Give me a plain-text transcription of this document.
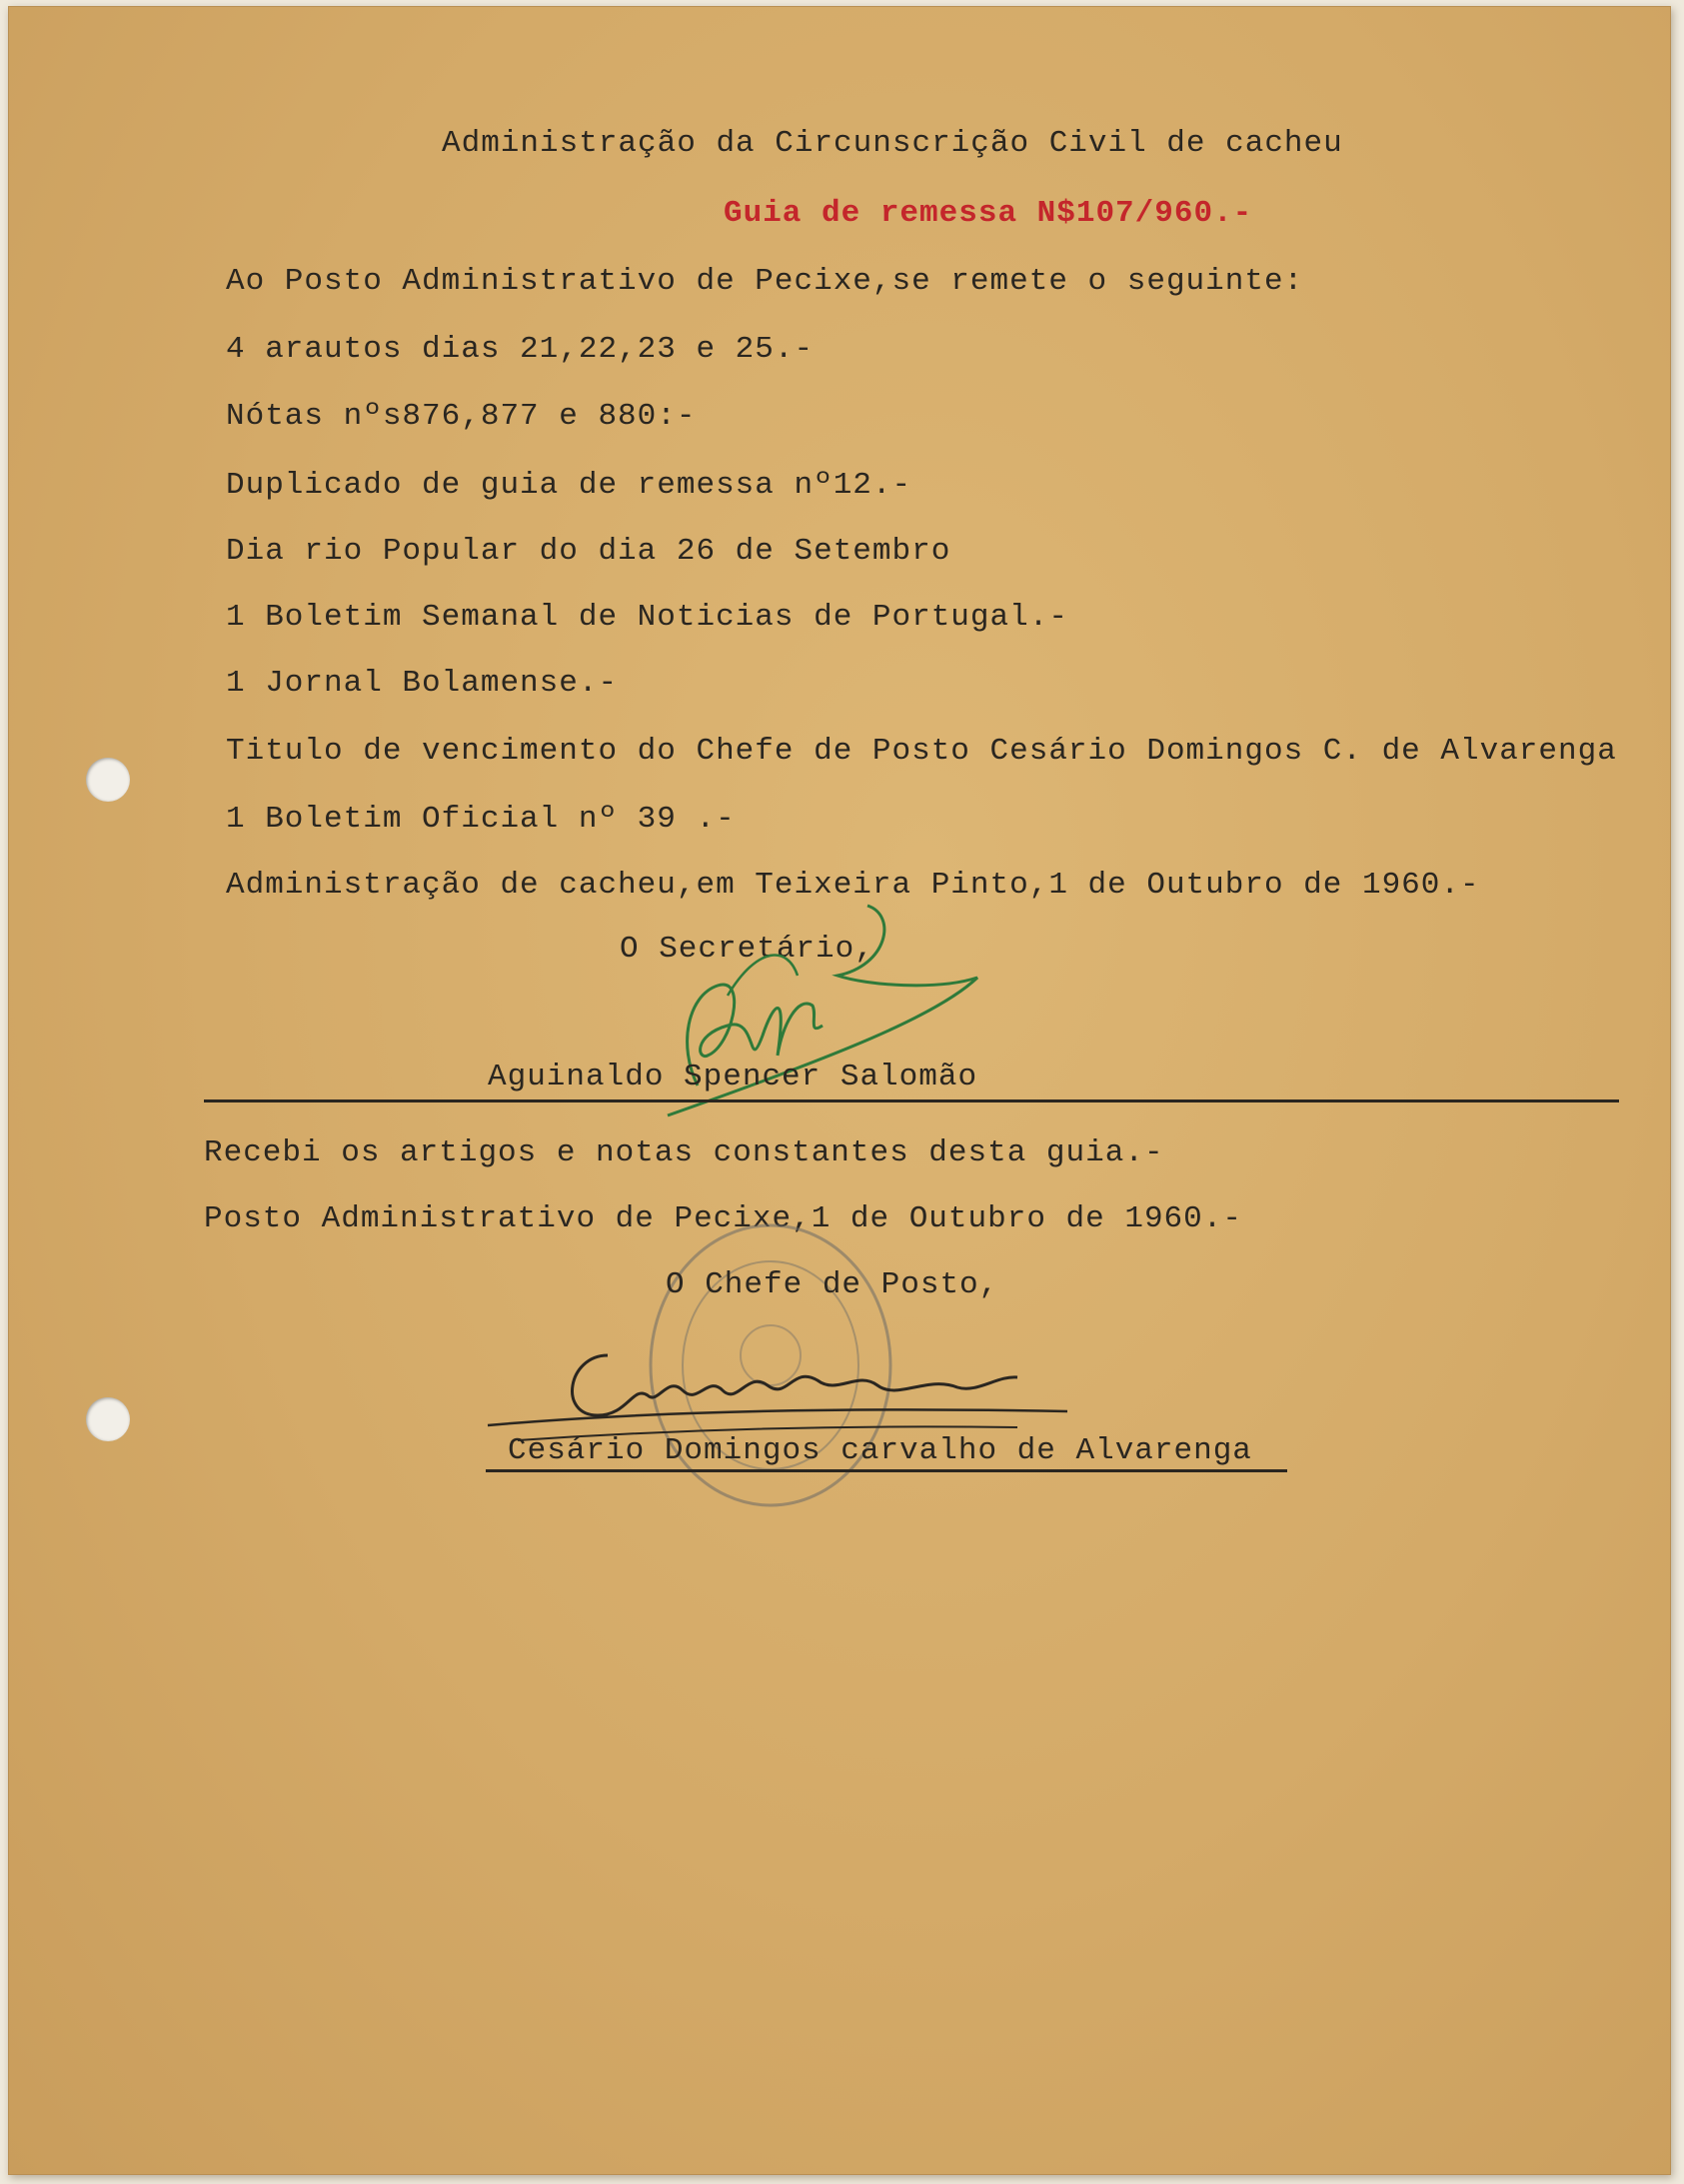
Administração da Circunscrição Civil de cacheu
Guia de remessa N$107/960.-
Ao Posto Administrativo de Pecixe,se remete o seguinte:
4 arautos dias 21,22,23 e 25.-
Nótas nºs876,877 e 880:-
Duplicado de guia de remessa nº12.-
Dia rio Popular do dia 26 de Setembro
1 Boletim Semanal de Noticias de Portugal.-
1 Jornal Bolamense.-
Titulo de vencimento do Chefe de Posto Cesário Domingos C. de Alvarenga
1 Boletim Oficial nº 39 .-
Administração de cacheu,em Teixeira Pinto,1 de Outubro de 1960.-
O Secretário,
Aguinaldo Spencer Salomão
Recebi os artigos e notas constantes desta guia.-
Posto Administrativo de Pecixe,1 de Outubro de 1960.-
O Chefe de Posto,
Cesário Domingos carvalho de Alvarenga
